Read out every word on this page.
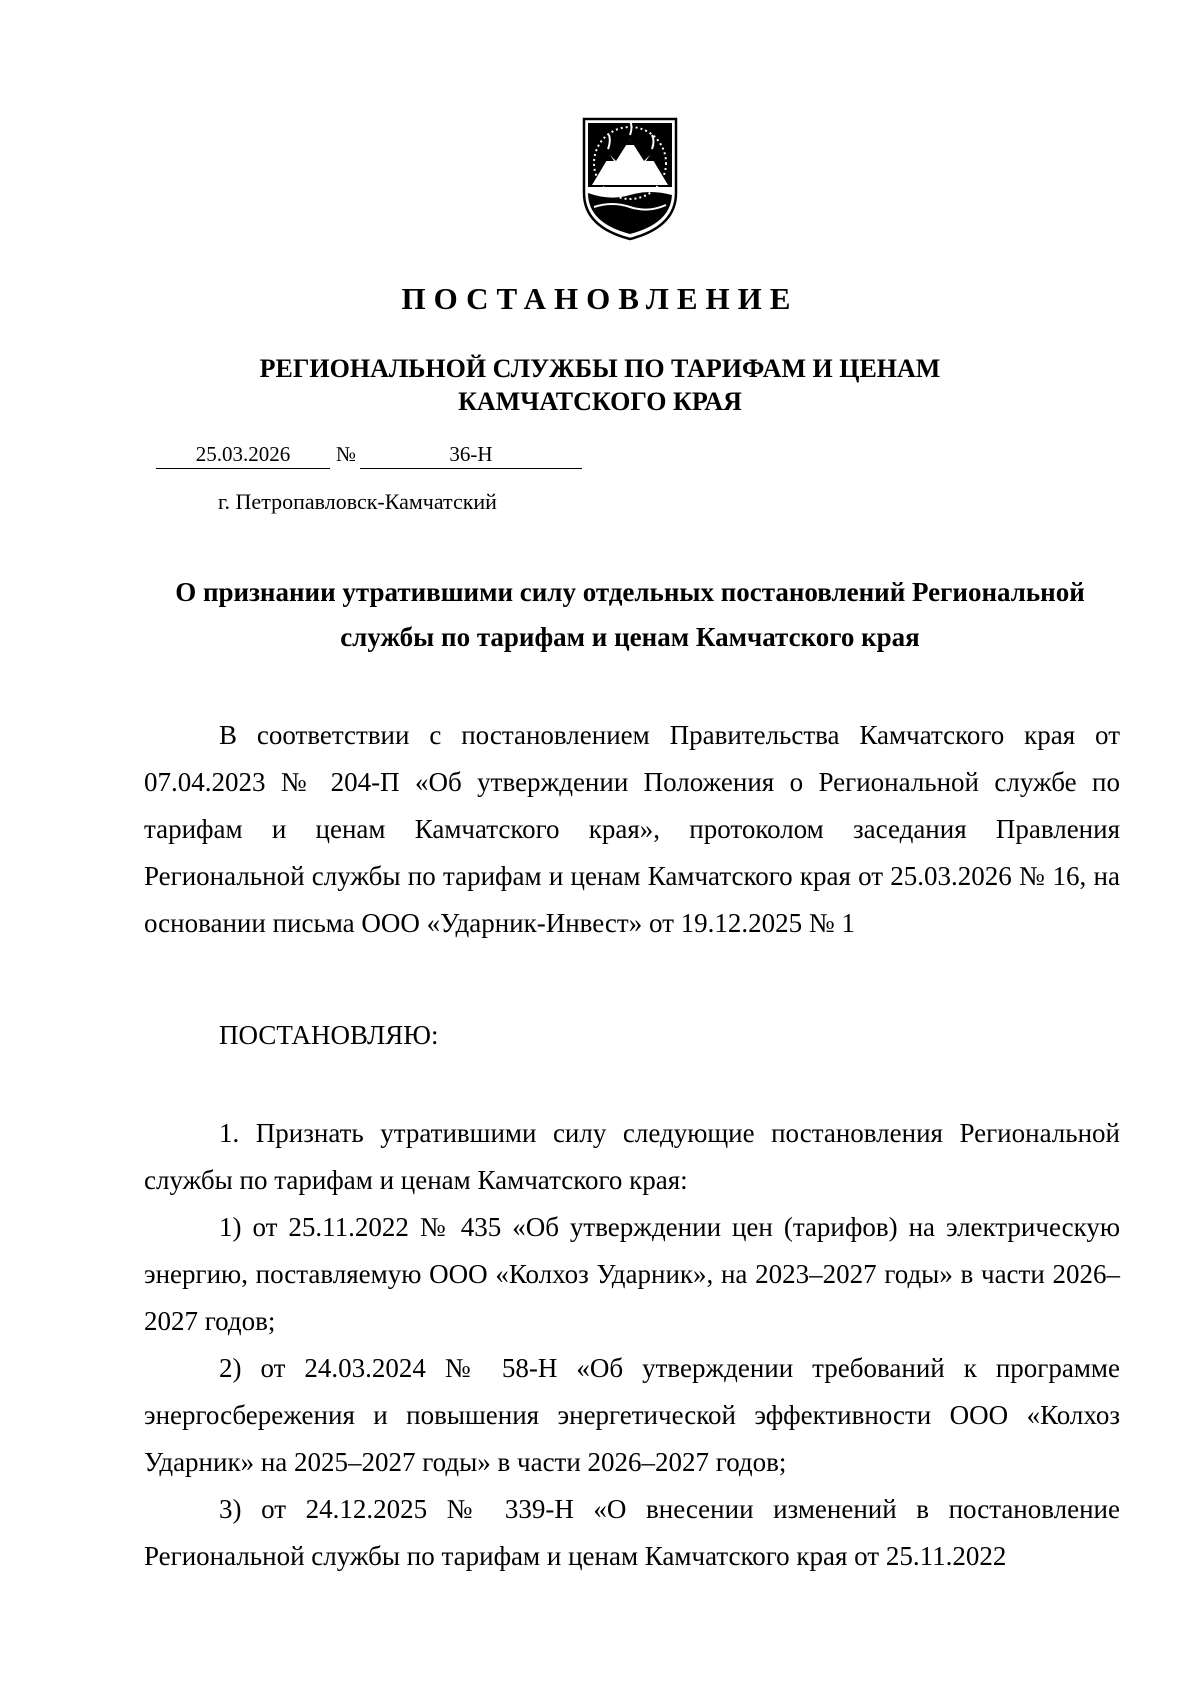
ПОСТАНОВЛЕНИЕ
РЕГИОНАЛЬНОЙ СЛУЖБЫ ПО ТАРИФАМ И ЦЕНАМ
КАМЧАТСКОГО КРАЯ
25.03.2026	№	36-Н
г. Петропавловск-Камчатский
О признании утратившими силу отдельных постановлений Региональной службы по тарифам и ценам Камчатского края

В соответствии с постановлением Правительства Камчатского края от 07.04.2023 № 204-П «Об утверждении Положения о Региональной службе по тарифам и ценам Камчатского края», протоколом заседания Правления Региональной службы по тарифам и ценам Камчатского края от 25.03.2026 № 16, на основании письма ООО «Ударник-Инвест» от 19.12.2025 № 1

ПОСТАНОВЛЯЮ:

1. Признать утратившими силу следующие постановления Региональной службы по тарифам и ценам Камчатского края:

1) от 25.11.2022 № 435 «Об утверждении цен (тарифов) на электрическую энергию, поставляемую ООО «Колхоз Ударник», на 2023–2027 годы» в части 2026–2027 годов;

2) от 24.03.2024 № 58-Н «Об утверждении требований к программе энергосбережения и повышения энергетической эффективности ООО «Колхоз Ударник» на 2025–2027 годы» в части 2026–2027 годов;

3) от 24.12.2025 № 339-Н «О внесении изменений в постановление Региональной службы по тарифам и ценам Камчатского края от 25.11.2022
